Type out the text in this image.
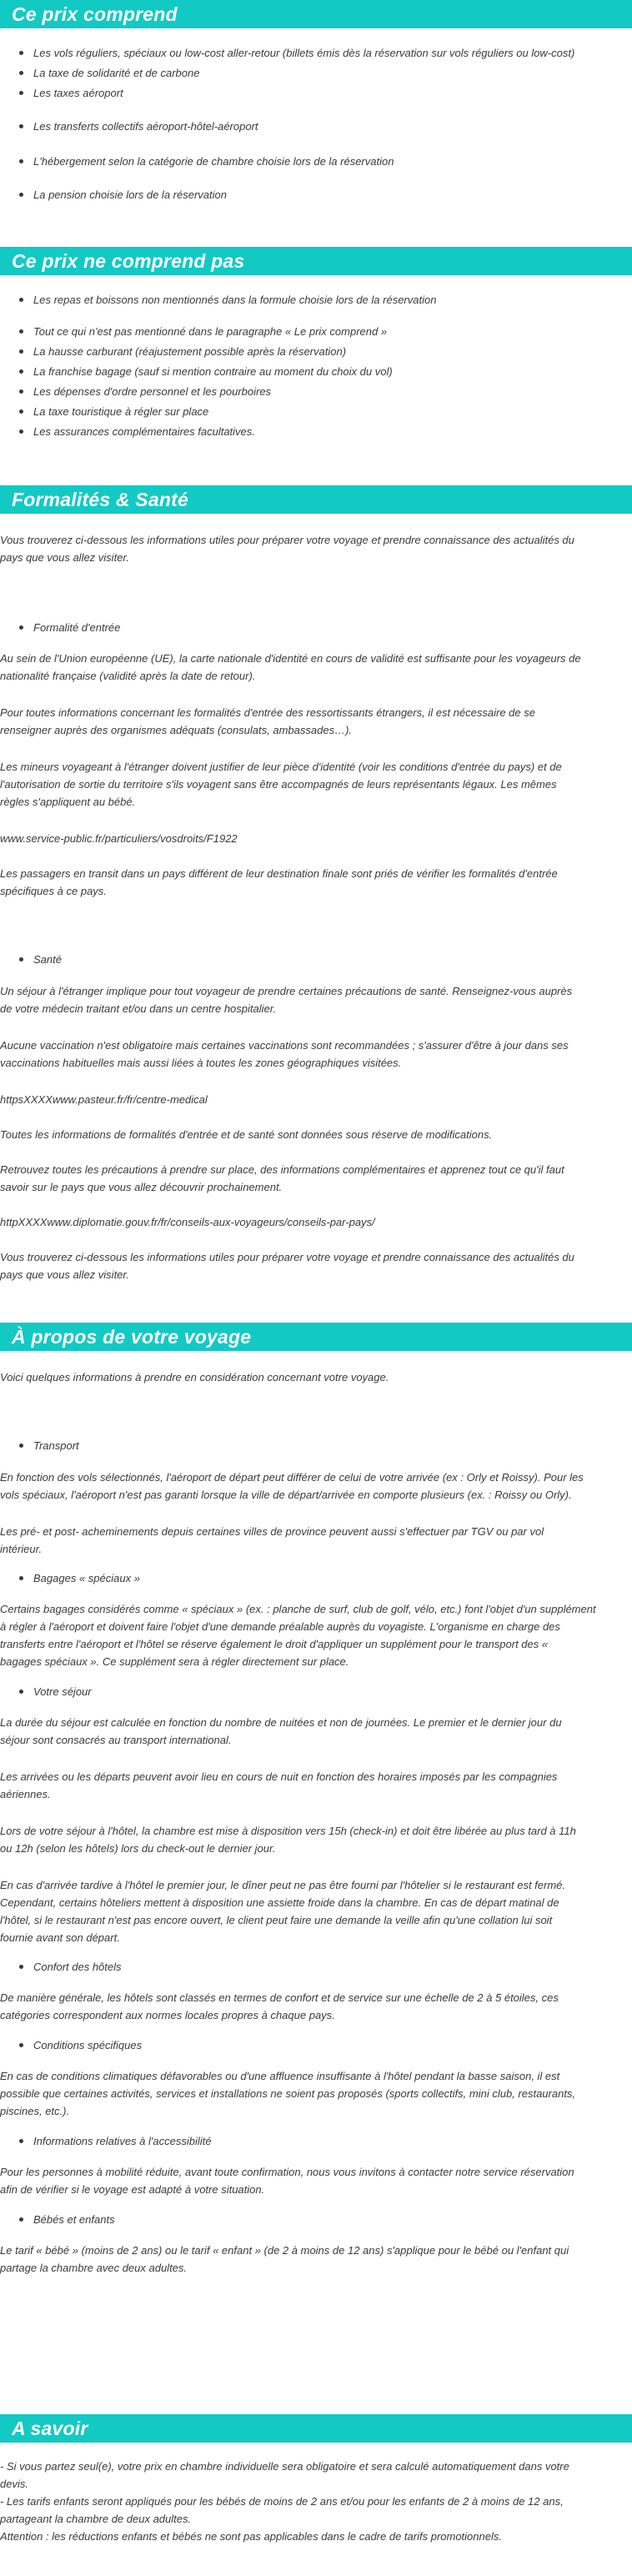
Ce prix comprend
Les vols réguliers, spéciaux ou low-cost aller-retour (billets émis dès la réservation sur vols réguliers ou low-cost)
La taxe de solidarité et de carbone
Les taxes aéroport
Les transferts collectifs aéroport-hôtel-aéroport
L'hébergement selon la catégorie de chambre choisie lors de la réservation
La pension choisie lors de la réservation
Ce prix ne comprend pas
Les repas et boissons non mentionnés dans la formule choisie lors de la réservation
Tout ce qui n'est pas mentionné dans le paragraphe « Le prix comprend »
La hausse carburant (réajustement possible après la réservation)
La franchise bagage (sauf si mention contraire au moment du choix du vol)
Les dépenses d'ordre personnel et les pourboires
La taxe touristique à régler sur place
Les assurances complémentaires facultatives.
Formalités & Santé
Vous trouverez ci-dessous les informations utiles pour préparer votre voyage et prendre connaissance des actualités du
pays que vous allez visiter.
Formalité d'entrée
Au sein de l'Union européenne (UE), la carte nationale d'identité en cours de validité est suffisante pour les voyageurs de
nationalité française (validité après la date de retour).
Pour toutes informations concernant les formalités d'entrée des ressortissants étrangers, il est nécessaire de se
renseigner auprès des organismes adéquats (consulats, ambassades…).
Les mineurs voyageant à l'étranger doivent justifier de leur pièce d'identité (voir les conditions d'entrée du pays) et de
l'autorisation de sortie du territoire s'ils voyagent sans être accompagnés de leurs représentants légaux. Les mêmes
règles s'appliquent au bébé.
www.service-public.fr/particuliers/vosdroits/F1922
Les passagers en transit dans un pays différent de leur destination finale sont priés de vérifier les formalités d'entrée
spécifiques à ce pays.
Santé
Un séjour à l'étranger implique pour tout voyageur de prendre certaines précautions de santé. Renseignez-vous auprès
de votre médecin traitant et/ou dans un centre hospitalier.
Aucune vaccination n'est obligatoire mais certaines vaccinations sont recommandées ; s'assurer d'être à jour dans ses
vaccinations habituelles mais aussi liées à toutes les zones géographiques visitées.
httpsXXXXwww.pasteur.fr/fr/centre-medical
Toutes les informations de formalités d'entrée et de santé sont données sous réserve de modifications.
Retrouvez toutes les précautions à prendre sur place, des informations complémentaires et apprenez tout ce qu'il faut
savoir sur le pays que vous allez découvrir prochainement.
httpXXXXwww.diplomatie.gouv.fr/fr/conseils-aux-voyageurs/conseils-par-pays/
Vous trouverez ci-dessous les informations utiles pour préparer votre voyage et prendre connaissance des actualités du
pays que vous allez visiter.
À propos de votre voyage
Voici quelques informations à prendre en considération concernant votre voyage.
Transport
En fonction des vols sélectionnés, l'aéroport de départ peut différer de celui de votre arrivée (ex : Orly et Roissy). Pour les
vols spéciaux, l'aéroport n'est pas garanti lorsque la ville de départ/arrivée en comporte plusieurs (ex. : Roissy ou Orly).
Les pré- et post- acheminements depuis certaines villes de province peuvent aussi s'effectuer par TGV ou par vol
intérieur.
Bagages « spéciaux »
Certains bagages considérés comme « spéciaux » (ex. : planche de surf, club de golf, vélo, etc.) font l'objet d'un supplément
à régler à l'aéroport et doivent faire l'objet d'une demande préalable auprès du voyagiste. L'organisme en charge des
transferts entre l'aéroport et l'hôtel se réserve également le droit d'appliquer un supplément pour le transport des «
bagages spéciaux ». Ce supplément sera à régler directement sur place.
Votre séjour
La durée du séjour est calculée en fonction du nombre de nuitées et non de journées. Le premier et le dernier jour du
séjour sont consacrés au transport international.
Les arrivées ou les départs peuvent avoir lieu en cours de nuit en fonction des horaires imposés par les compagnies
aériennes.
Lors de votre séjour à l'hôtel, la chambre est mise à disposition vers 15h (check-in) et doit être libérée au plus tard à 11h
ou 12h (selon les hôtels) lors du check-out le dernier jour.
En cas d'arrivée tardive à l'hôtel le premier jour, le dîner peut ne pas être fourni par l'hôtelier si le restaurant est fermé.
Cependant, certains hôteliers mettent à disposition une assiette froide dans la chambre. En cas de départ matinal de
l'hôtel, si le restaurant n'est pas encore ouvert, le client peut faire une demande la veille afin qu'une collation lui soit
fournie avant son départ.
Confort des hôtels
De manière générale, les hôtels sont classés en termes de confort et de service sur une échelle de 2 à 5 étoiles, ces
catégories correspondent aux normes locales propres à chaque pays.
Conditions spécifiques
En cas de conditions climatiques défavorables ou d'une affluence insuffisante à l'hôtel pendant la basse saison, il est
possible que certaines activités, services et installations ne soient pas proposés (sports collectifs, mini club, restaurants,
piscines, etc.).
Informations relatives à l'accessibilité
Pour les personnes à mobilité réduite, avant toute confirmation, nous vous invitons à contacter notre service réservation
afin de vérifier si le voyage est adapté à votre situation.
Bébés et enfants
Le tarif « bébé » (moins de 2 ans) ou le tarif « enfant » (de 2 à moins de 12 ans) s'applique pour le bébé ou l'enfant qui
partage la chambre avec deux adultes.
A savoir
- Si vous partez seul(e), votre prix en chambre individuelle sera obligatoire et sera calculé automatiquement dans votre
devis.
- Les tarifs enfants seront appliqués pour les bébés de moins de 2 ans et/ou pour les enfants de 2 à moins de 12 ans,
partageant la chambre de deux adultes.
Attention : les réductions enfants et bébés ne sont pas applicables dans le cadre de tarifs promotionnels.
